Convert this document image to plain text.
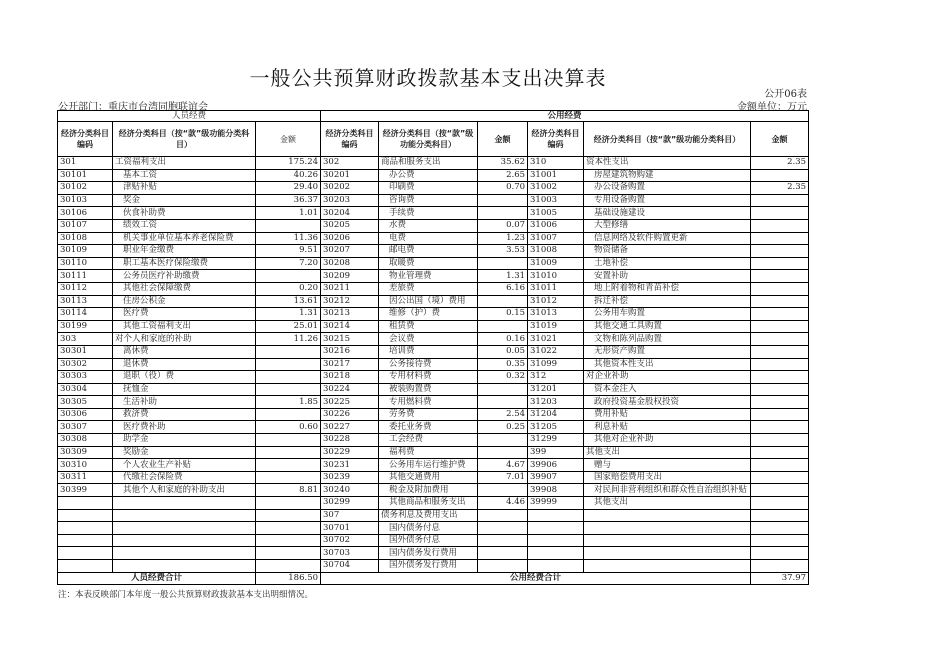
一般公共预算财政拨款基本支出决算表
公开06表
公开部门：重庆市台湾同胞联谊会	金额单位：万元
人员经费			公用经费					
经济分类科目编码	经济分类科目（按“款”级功能分类科目）	金额	经济分类科目编码	经济分类科目（按“款”级功能分类科目）	金额	经济分类科目编码	经济分类科目（按“款”级功能分类科目）	金额
301	工资福利支出	175.24	302	商品和服务支出	35.62	310	资本性支出	2.35
30101	基本工资	40.26	30201	办公费	2.65	31001	房屋建筑物购建	
30102	津贴补贴	29.40	30202	印刷费	0.70	31002	办公设备购置	2.35
30103	奖金	36.37	30203	咨询费		31003	专用设备购置	
30106	伙食补助费	1.01	30204	手续费		31005	基础设施建设	
30107	绩效工资		30205	水费	0.07	31006	大型修缮	
30108	机关事业单位基本养老保险费	11.36	30206	电费	1.23	31007	信息网络及软件购置更新	
30109	职业年金缴费	9.51	30207	邮电费	3.53	31008	物资储备	
30110	职工基本医疗保险缴费	7.20	30208	取暖费		31009	土地补偿	
30111	公务员医疗补助缴费		30209	物业管理费	1.31	31010	安置补助	
30112	其他社会保障缴费	0.20	30211	差旅费	6.16	31011	地上附着物和青苗补偿	
30113	住房公积金	13.61	30212	因公出国（境）费用		31012	拆迁补偿	
30114	医疗费	1.31	30213	维修（护）费	0.15	31013	公务用车购置	
30199	其他工资福利支出	25.01	30214	租赁费		31019	其他交通工具购置	
303	对个人和家庭的补助	11.26	30215	会议费	0.16	31021	文物和陈列品购置	
30301	离休费		30216	培训费	0.05	31022	无形资产购置	
30302	退休费		30217	公务接待费	0.35	31099	其他资本性支出	
30303	退职（役）费		30218	专用材料费	0.32	312	对企业补助	
30304	抚恤金		30224	被装购置费		31201	资本金注入	
30305	生活补助	1.85	30225	专用燃料费		31203	政府投资基金股权投资	
30306	救济费		30226	劳务费	2.54	31204	费用补贴	
30307	医疗费补助	0.60	30227	委托业务费	0.25	31205	利息补贴	
30308	助学金		30228	工会经费		31299	其他对企业补助	
30309	奖励金		30229	福利费		399	其他支出	
30310	个人农业生产补贴		30231	公务用车运行维护费	4.67	39906	赠与	
30311	代缴社会保险费		30239	其他交通费用	7.01	39907	国家赔偿费用支出	
30399	其他个人和家庭的补助支出	8.81	30240	税金及附加费用		39908	对民间非营利组织和群众性自治组织补贴	
			30299	其他商品和服务支出	4.46	39999	其他支出	
			307	债务利息及费用支出				
			30701	国内债务付息				
			30702	国外债务付息				
			30703	国内债务发行费用				
			30704	国外债务发行费用				
人员经费合计		186.50	公用经费合计					37.97
注：本表反映部门本年度一般公共预算财政拨款基本支出明细情况。
